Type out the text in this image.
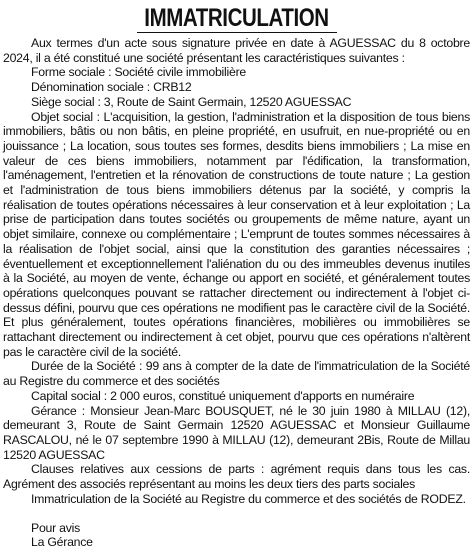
IMMATRICULATION

Aux termes d'un acte sous signature privée en date à AGUESSAC du 8 octobre 2024, il a été constitué une société présentant les caractéristiques suivantes :

Forme sociale : Société civile immobilière

Dénomination sociale : CRB12

Siège social : 3, Route de Saint Germain, 12520 AGUESSAC

Objet social : L'acquisition, la gestion, l'administration et la disposition de tous biens immobiliers, bâtis ou non bâtis, en pleine propriété, en usufruit, en nue-propriété ou en jouissance ; La location, sous toutes ses formes, desdits biens immobiliers ; La mise en valeur de ces biens immobiliers, notamment par l'édification, la transformation, l'aménagement, l'entretien et la rénovation de constructions de toute nature ; La gestion et l'administration de tous biens immobiliers détenus par la société, y compris la réalisation de toutes opérations nécessaires à leur conservation et à leur exploitation ; La prise de participation dans toutes sociétés ou groupements de même nature, ayant un objet similaire, connexe ou complémentaire ; L'emprunt de toutes sommes nécessaires à la réalisation de l'objet social, ainsi que la constitution des garanties nécessaires ; éventuellement et exceptionnellement l'aliénation du ou des immeubles devenus inutiles à la Société, au moyen de vente, échange ou apport en société, et généralement toutes opérations quelconques pouvant se rattacher directement ou indirectement à l'objet ci-dessus défini, pourvu que ces opérations ne modifient pas le caractère civil de la Société. Et plus généralement, toutes opérations financières, mobilières ou immobilières se rattachant directement ou indirectement à cet objet, pourvu que ces opérations n'altèrent pas le caractère civil de la société.

Durée de la Société : 99 ans à compter de la date de l'immatriculation de la Société au Registre du commerce et des sociétés

Capital social : 2 000 euros, constitué uniquement d'apports en numéraire

Gérance : Monsieur Jean-Marc BOUSQUET, né le 30 juin 1980 à MILLAU (12), demeurant 3, Route de Saint Germain 12520 AGUESSAC et Monsieur Guillaume RASCALOU, né le 07 septembre 1990 à MILLAU (12), demeurant 2Bis, Route de Millau 12520 AGUESSAC

Clauses relatives aux cessions de parts : agrément requis dans tous les cas. Agrément des associés représentant au moins les deux tiers des parts sociales

Immatriculation de la Société au Registre du commerce et des sociétés de RODEZ.

Pour avis

La Gérance
